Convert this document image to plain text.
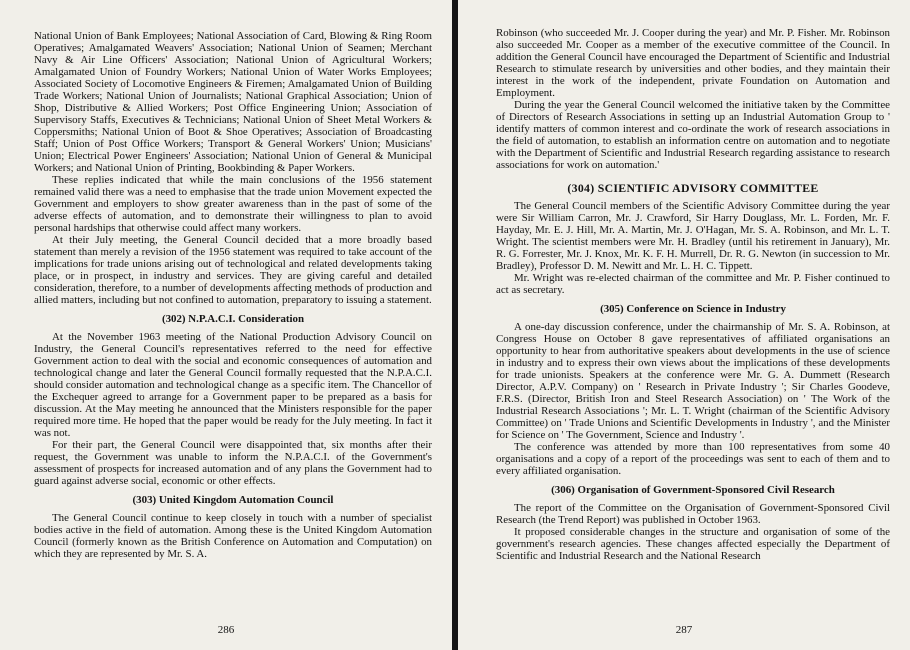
National Union of Bank Employees; National Association of Card, Blowing & Ring Room Operatives; Amalgamated Weavers' Association; National Union of Seamen; Merchant Navy & Air Line Officers' Association; National Union of Agricultural Workers; Amalgamated Union of Foundry Workers; National Union of Water Works Employees; Associated Society of Locomotive Engineers & Firemen; Amalgamated Union of Building Trade Workers; National Union of Journalists; National Graphical Association; Union of Shop, Distributive & Allied Workers; Post Office Engineering Union; Association of Supervisory Staffs, Executives & Technicians; National Union of Sheet Metal Workers & Coppersmiths; National Union of Boot & Shoe Operatives; Association of Broadcasting Staff; Union of Post Office Workers; Transport & General Workers' Union; Musicians' Union; Electrical Power Engineers' Association; National Union of General & Municipal Workers; and National Union of Printing, Bookbinding & Paper Workers.

These replies indicated that while the main conclusions of the 1956 statement remained valid there was a need to emphasise that the trade union Movement expected the Government and employers to show greater awareness than in the past of some of the adverse effects of automation, and to demonstrate their willingness to plan to avoid personal hardships that otherwise could affect many workers.

At their July meeting, the General Council decided that a more broadly based statement than merely a revision of the 1956 statement was required to take account of the implications for trade unions arising out of technological and related developments taking place, or in prospect, in industry and services. They are giving careful and detailed consideration, therefore, to a number of developments affecting methods of production and allied matters, including but not confined to automation, preparatory to issuing a statement.

(302) N.P.A.C.I. Consideration

At the November 1963 meeting of the National Production Advisory Council on Industry, the General Council's representatives referred to the need for effective Government action to deal with the social and economic consequences of automation and technological change and later the General Council formally requested that the N.P.A.C.I. should consider automation and technological change as a specific item. The Chancellor of the Exchequer agreed to arrange for a Government paper to be prepared as a basis for discussion. At the May meeting he announced that the Ministers responsible for the paper required more time. He hoped that the paper would be ready for the July meeting. In fact it was not.

For their part, the General Council were disappointed that, six months after their request, the Government was unable to inform the N.P.A.C.I. of the Government's assessment of prospects for increased automation and of any plans the Government had to guard against adverse social, economic or other effects.

(303) United Kingdom Automation Council

The General Council continue to keep closely in touch with a number of specialist bodies active in the field of automation. Among these is the United Kingdom Automation Council (formerly known as the British Conference on Automation and Computation) on which they are represented by Mr. S. A.

286

Robinson (who succeeded Mr. J. Cooper during the year) and Mr. P. Fisher. Mr. Robinson also succeeded Mr. Cooper as a member of the executive committee of the Council. In addition the General Council have encouraged the Department of Scientific and Industrial Research to stimulate research by universities and other bodies, and they maintain their interest in the work of the independent, private Foundation on Automation and Employment.

During the year the General Council welcomed the initiative taken by the Committee of Directors of Research Associations in setting up an Industrial Automation Group to ' identify matters of common interest and co-ordinate the work of research associations in the field of automation, to establish an information centre on automation and to negotiate with the Department of Scientific and Industrial Research regarding assistance to research associations for work on automation.'

(304) SCIENTIFIC ADVISORY COMMITTEE

The General Council members of the Scientific Advisory Committee during the year were Sir William Carron, Mr. J. Crawford, Sir Harry Douglass, Mr. L. Forden, Mr. F. Hayday, Mr. E. J. Hill, Mr. A. Martin, Mr. J. O'Hagan, Mr. S. A. Robinson, and Mr. L. T. Wright. The scientist members were Mr. H. Bradley (until his retirement in January), Mr. R. G. Forrester, Mr. J. Knox, Mr. K. F. H. Murrell, Dr. R. G. Newton (in succession to Mr. Bradley), Professor D. M. Newitt and Mr. L. H. C. Tippett.

Mr. Wright was re-elected chairman of the committee and Mr. P. Fisher continued to act as secretary.

(305) Conference on Science in Industry

A one-day discussion conference, under the chairmanship of Mr. S. A. Robinson, at Congress House on October 8 gave representatives of affiliated organisations an opportunity to hear from authoritative speakers about developments in the use of science in industry and to express their own views about the implications of these developments for trade unionists. Speakers at the conference were Mr. G. A. Dummett (Research Director, A.P.V. Company) on ' Research in Private Industry '; Sir Charles Goodeve, F.R.S. (Director, British Iron and Steel Research Association) on ' The Work of the Industrial Research Associations '; Mr. L. T. Wright (chairman of the Scientific Advisory Committee) on ' Trade Unions and Scientific Developments in Industry ', and the Minister for Science on ' The Government, Science and Industry '.

The conference was attended by more than 100 representatives from some 40 organisations and a copy of a report of the proceedings was sent to each of them and to every affiliated organisation.

(306) Organisation of Government-Sponsored Civil Research

The report of the Committee on the Organisation of Government-Sponsored Civil Research (the Trend Report) was published in October 1963.

It proposed considerable changes in the structure and organisation of some of the government's research agencies. These changes affected especially the Department of Scientific and Industrial Research and the National Research

287
